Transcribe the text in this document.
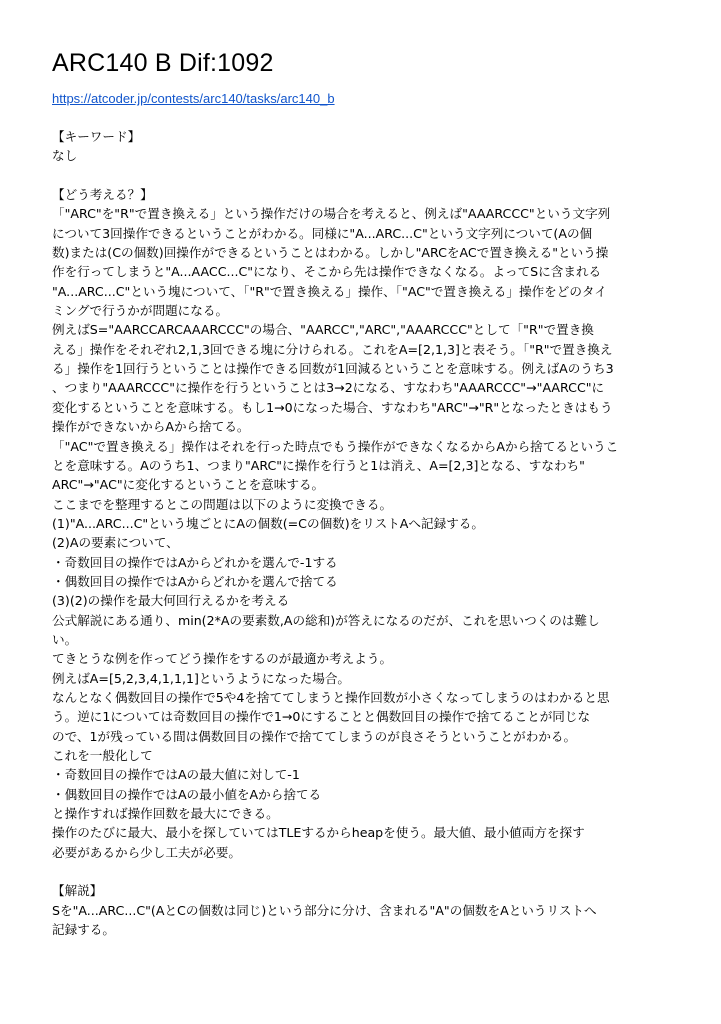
ARC140 B Dif:1092
https://atcoder.jp/contests/arc140/tasks/arc140_b
【キーワード】
なし
【どう考える？】
「"ARC"を"R"で置き換える」という操作だけの場合を考えると、例えば"AAARCCC"という文字列
について3回操作できるということがわかる。同様に"A...ARC...C"という文字列について(Aの個
数)または(Cの個数)回操作ができるということはわかる。しかし"ARCをACで置き換える"という操
作を行ってしまうと"A...AACC...C"になり、そこから先は操作できなくなる。よってSに含まれる
"A...ARC...C"という塊について、「"R"で置き換える」操作、「"AC"で置き換える」操作をどのタイ
ミングで行うかが問題になる。
例えばS="AARCCARCAAARCCC"の場合、"AARCC","ARC","AAARCCC"として「"R"で置き換
える」操作をそれぞれ2,1,3回できる塊に分けられる。これをA=[2,1,3]と表そう。「"R"で置き換え
る」操作を1回行うということは操作できる回数が1回減るということを意味する。例えばAのうち3
、つまり"AAARCCC"に操作を行うということは3→2になる、すなわち"AAARCCC"→"AARCC"に
変化するということを意味する。もし1→0になった場合、すなわち"ARC"→"R"となったときはもう
操作ができないからAから捨てる。
「"AC"で置き換える」操作はそれを行った時点でもう操作ができなくなるからAから捨てるというこ
とを意味する。Aのうち1、つまり"ARC"に操作を行うと1は消え、A=[2,3]となる、すなわち"
ARC"→"AC"に変化するということを意味する。
ここまでを整理するとこの問題は以下のように変換できる。
(1)"A...ARC...C"という塊ごとにAの個数(=Cの個数)をリストAへ記録する。
(2)Aの要素について、
・奇数回目の操作ではAからどれかを選んで-1する
・偶数回目の操作ではAからどれかを選んで捨てる
(3)(2)の操作を最大何回行えるかを考える
公式解説にある通り、min(2*Aの要素数,Aの総和)が答えになるのだが、これを思いつくのは難し
い。
てきとうな例を作ってどう操作をするのが最適か考えよう。
例えばA=[5,2,3,4,1,1,1]というようになった場合。
なんとなく偶数回目の操作で5や4を捨ててしまうと操作回数が小さくなってしまうのはわかると思
う。逆に1については奇数回目の操作で1→0にすることと偶数回目の操作で捨てることが同じな
ので、1が残っている間は偶数回目の操作で捨ててしまうのが良さそうということがわかる。
これを一般化して
・奇数回目の操作ではAの最大値に対して-1
・偶数回目の操作ではAの最小値をAから捨てる
と操作すれば操作回数を最大にできる。
操作のたびに最大、最小を探していてはTLEするからheapを使う。最大値、最小値両方を探す
必要があるから少し工夫が必要。
【解説】
Sを"A...ARC...C"(AとCの個数は同じ)という部分に分け、含まれる"A"の個数をAというリストへ
記録する。
